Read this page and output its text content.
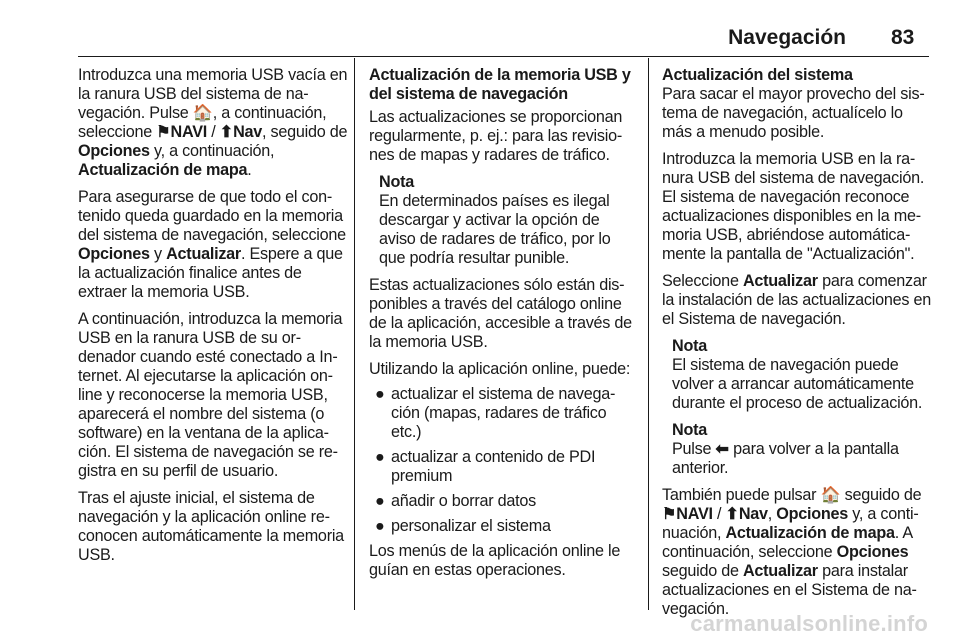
Navegación 83

Introduzca una memoria USB vacía en la ranura USB del sistema de navegación. Pulse 🏠, a continuación, seleccione ⚑NAVI / ⬆Nav, seguido de Opciones y, a continuación, Actualización de mapa.

Para asegurarse de que todo el contenido queda guardado en la memoria del sistema de navegación, seleccione Opciones y Actualizar. Espere a que la actualización finalice antes de extraer la memoria USB.

A continuación, introduzca la memoria USB en la ranura USB de su ordenador cuando esté conectado a Internet. Al ejecutarse la aplicación online y reconocerse la memoria USB, aparecerá el nombre del sistema (o software) en la ventana de la aplicación. El sistema de navegación se registra en su perfil de usuario.

Tras el ajuste inicial, el sistema de navegación y la aplicación online reconocen automáticamente la memoria USB.

Actualización de la memoria USB y del sistema de navegación

Las actualizaciones se proporcionan regularmente, p. ej.: para las revisiones de mapas y radares de tráfico.

Nota
En determinados países es ilegal descargar y activar la opción de aviso de radares de tráfico, por lo que podría resultar punible.

Estas actualizaciones sólo están disponibles a través del catálogo online de la aplicación, accesible a través de la memoria USB.

Utilizando la aplicación online, puede:

● actualizar el sistema de navegación (mapas, radares de tráfico etc.)
● actualizar a contenido de PDI premium
● añadir o borrar datos
● personalizar el sistema

Los menús de la aplicación online le guían en estas operaciones.

Actualización del sistema

Para sacar el mayor provecho del sistema de navegación, actualícelo lo más a menudo posible.

Introduzca la memoria USB en la ranura USB del sistema de navegación. El sistema de navegación reconoce actualizaciones disponibles en la memoria USB, abriéndose automáticamente la pantalla de "Actualización".

Seleccione Actualizar para comenzar la instalación de las actualizaciones en el Sistema de navegación.

Nota
El sistema de navegación puede volver a arrancar automáticamente durante el proceso de actualización.
Nota
Pulse ⬅ para volver a la pantalla anterior.

También puede pulsar 🏠 seguido de ⚑NAVI / ⬆Nav, Opciones y, a continuación, Actualización de mapa. A continuación, seleccione Opciones seguido de Actualizar para instalar actualizaciones en el Sistema de navegación.

carmanualsonline.info
